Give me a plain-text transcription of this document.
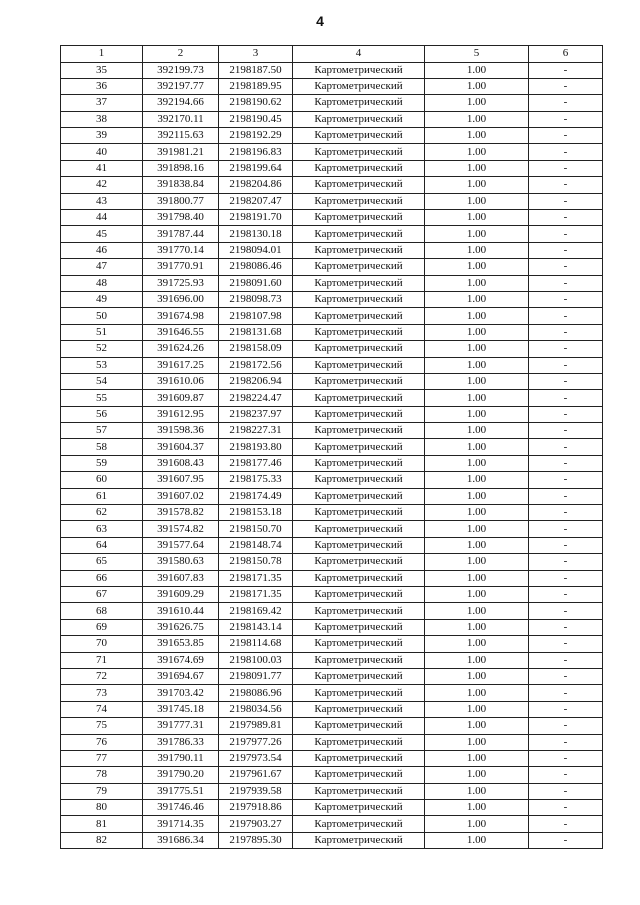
4
1	2	3	4	5	6
35	392199.73	2198187.50	Картометрический	1.00	-
36	392197.77	2198189.95	Картометрический	1.00	-
37	392194.66	2198190.62	Картометрический	1.00	-
38	392170.11	2198190.45	Картометрический	1.00	-
39	392115.63	2198192.29	Картометрический	1.00	-
40	391981.21	2198196.83	Картометрический	1.00	-
41	391898.16	2198199.64	Картометрический	1.00	-
42	391838.84	2198204.86	Картометрический	1.00	-
43	391800.77	2198207.47	Картометрический	1.00	-
44	391798.40	2198191.70	Картометрический	1.00	-
45	391787.44	2198130.18	Картометрический	1.00	-
46	391770.14	2198094.01	Картометрический	1.00	-
47	391770.91	2198086.46	Картометрический	1.00	-
48	391725.93	2198091.60	Картометрический	1.00	-
49	391696.00	2198098.73	Картометрический	1.00	-
50	391674.98	2198107.98	Картометрический	1.00	-
51	391646.55	2198131.68	Картометрический	1.00	-
52	391624.26	2198158.09	Картометрический	1.00	-
53	391617.25	2198172.56	Картометрический	1.00	-
54	391610.06	2198206.94	Картометрический	1.00	-
55	391609.87	2198224.47	Картометрический	1.00	-
56	391612.95	2198237.97	Картометрический	1.00	-
57	391598.36	2198227.31	Картометрический	1.00	-
58	391604.37	2198193.80	Картометрический	1.00	-
59	391608.43	2198177.46	Картометрический	1.00	-
60	391607.95	2198175.33	Картометрический	1.00	-
61	391607.02	2198174.49	Картометрический	1.00	-
62	391578.82	2198153.18	Картометрический	1.00	-
63	391574.82	2198150.70	Картометрический	1.00	-
64	391577.64	2198148.74	Картометрический	1.00	-
65	391580.63	2198150.78	Картометрический	1.00	-
66	391607.83	2198171.35	Картометрический	1.00	-
67	391609.29	2198171.35	Картометрический	1.00	-
68	391610.44	2198169.42	Картометрический	1.00	-
69	391626.75	2198143.14	Картометрический	1.00	-
70	391653.85	2198114.68	Картометрический	1.00	-
71	391674.69	2198100.03	Картометрический	1.00	-
72	391694.67	2198091.77	Картометрический	1.00	-
73	391703.42	2198086.96	Картометрический	1.00	-
74	391745.18	2198034.56	Картометрический	1.00	-
75	391777.31	2197989.81	Картометрический	1.00	-
76	391786.33	2197977.26	Картометрический	1.00	-
77	391790.11	2197973.54	Картометрический	1.00	-
78	391790.20	2197961.67	Картометрический	1.00	-
79	391775.51	2197939.58	Картометрический	1.00	-
80	391746.46	2197918.86	Картометрический	1.00	-
81	391714.35	2197903.27	Картометрический	1.00	-
82	391686.34	2197895.30	Картометрический	1.00	-
